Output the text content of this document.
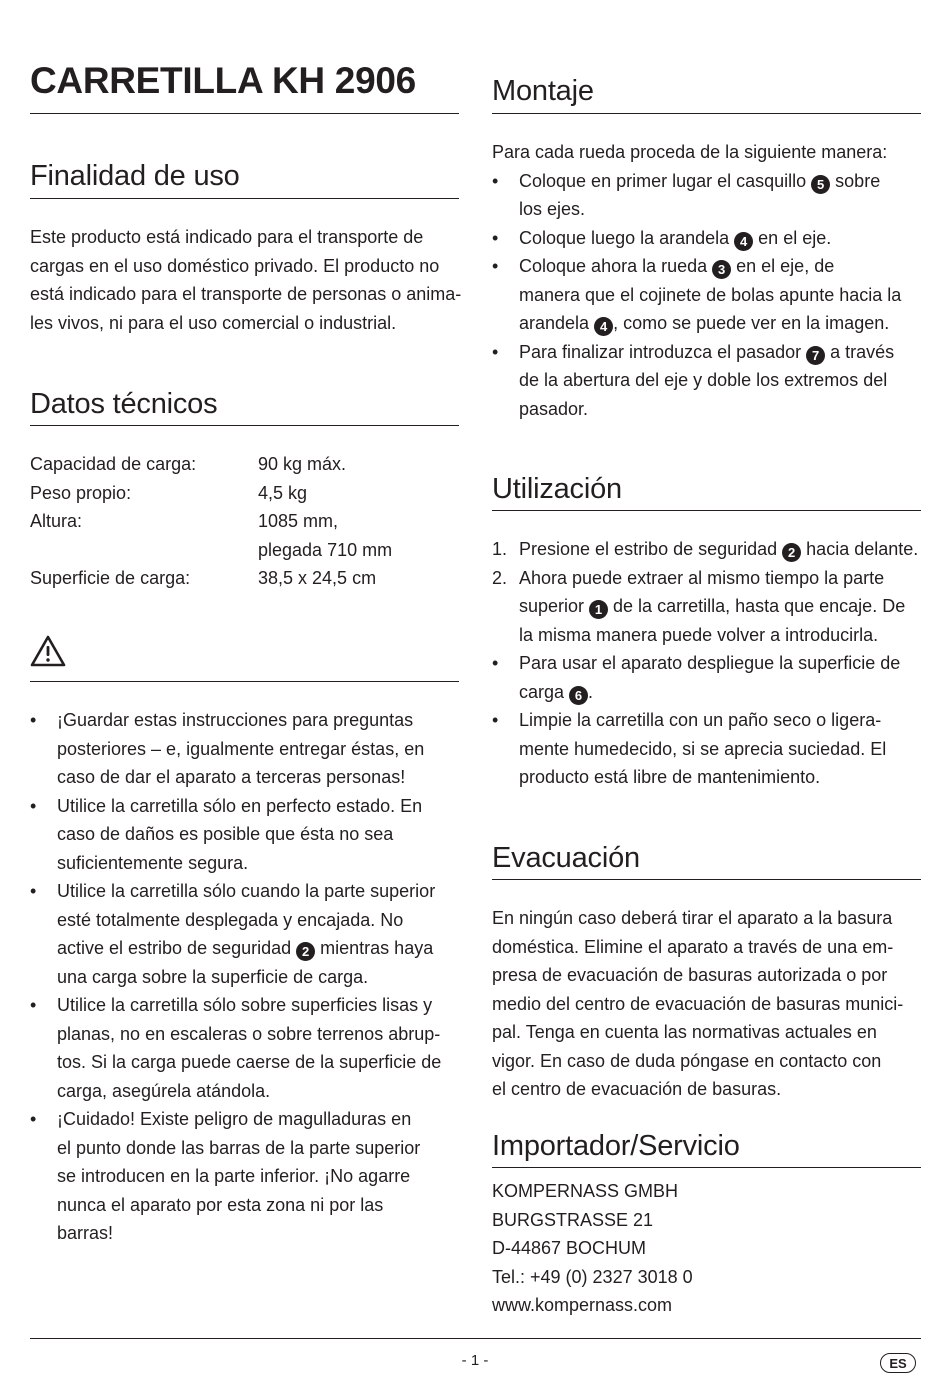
CARRETILLA KH 2906
Finalidad de uso
Este producto está indicado para el transporte de
cargas en el uso doméstico privado. El producto no
está indicado para el transporte de personas o anima-
les vivos, ni para el uso comercial o industrial.
Datos técnicos
Capacidad de carga:	90 kg máx.
Peso propio:	4,5 kg
Altura:	1085 mm,
plegada 710 mm
Superficie de carga:	38,5 x 24,5 cm
•	¡Guardar estas instrucciones para preguntas
posteriores – e, igualmente entregar éstas, en
caso de dar el aparato a terceras personas!
•	Utilice la carretilla sólo en perfecto estado. En
caso de daños es posible que ésta no sea
suficientemente segura.
•	Utilice la carretilla sólo cuando la parte superior
esté totalmente desplegada y encajada. No
active el estribo de seguridad 2 mientras haya
una carga sobre la superficie de carga.
•	Utilice la carretilla sólo sobre superficies lisas y
planas, no en escaleras o sobre terrenos abrup-
tos. Si la carga puede caerse de la superficie de
carga, asegúrela atándola.
•	¡Cuidado! Existe peligro de magulladuras en
el punto donde las barras de la parte superior
se introducen en la parte inferior. ¡No agarre
nunca el aparato por esta zona ni por las
barras!
Montaje
Para cada rueda proceda de la siguiente manera:
•	Coloque en primer lugar el casquillo 5 sobre
los ejes.
•	Coloque luego la arandela 4 en el eje.
•	Coloque ahora la rueda 3 en el eje, de
manera que el cojinete de bolas apunte hacia la
arandela 4 , como se puede ver en la imagen.
•	Para finalizar introduzca el pasador 7 a través
de la abertura del eje y doble los extremos del
pasador.
Utilización
1. Presione el estribo de seguridad 2 hacia delante.
2. Ahora puede extraer al mismo tiempo la parte
superior 1 de la carretilla, hasta que encaje. De
la misma manera puede volver a introducirla.
•	Para usar el aparato despliegue la superficie de
carga 6 .
•	Limpie la carretilla con un paño seco o ligera-
mente humedecido, si se aprecia suciedad. El
producto está libre de mantenimiento.
Evacuación
En ningún caso deberá tirar el aparato a la basura
doméstica. Elimine el aparato a través de una em-
presa de evacuación de basuras autorizada o por
medio del centro de evacuación de basuras munici-
pal. Tenga en cuenta las normativas actuales en
vigor. En caso de duda póngase en contacto con
el centro de evacuación de basuras.
Importador/Servicio
KOMPERNASS GMBH
BURGSTRASSE 21
D-44867 BOCHUM
Tel.: +49 (0) 2327 3018 0
www.kompernass.com
- 1 -	ES
